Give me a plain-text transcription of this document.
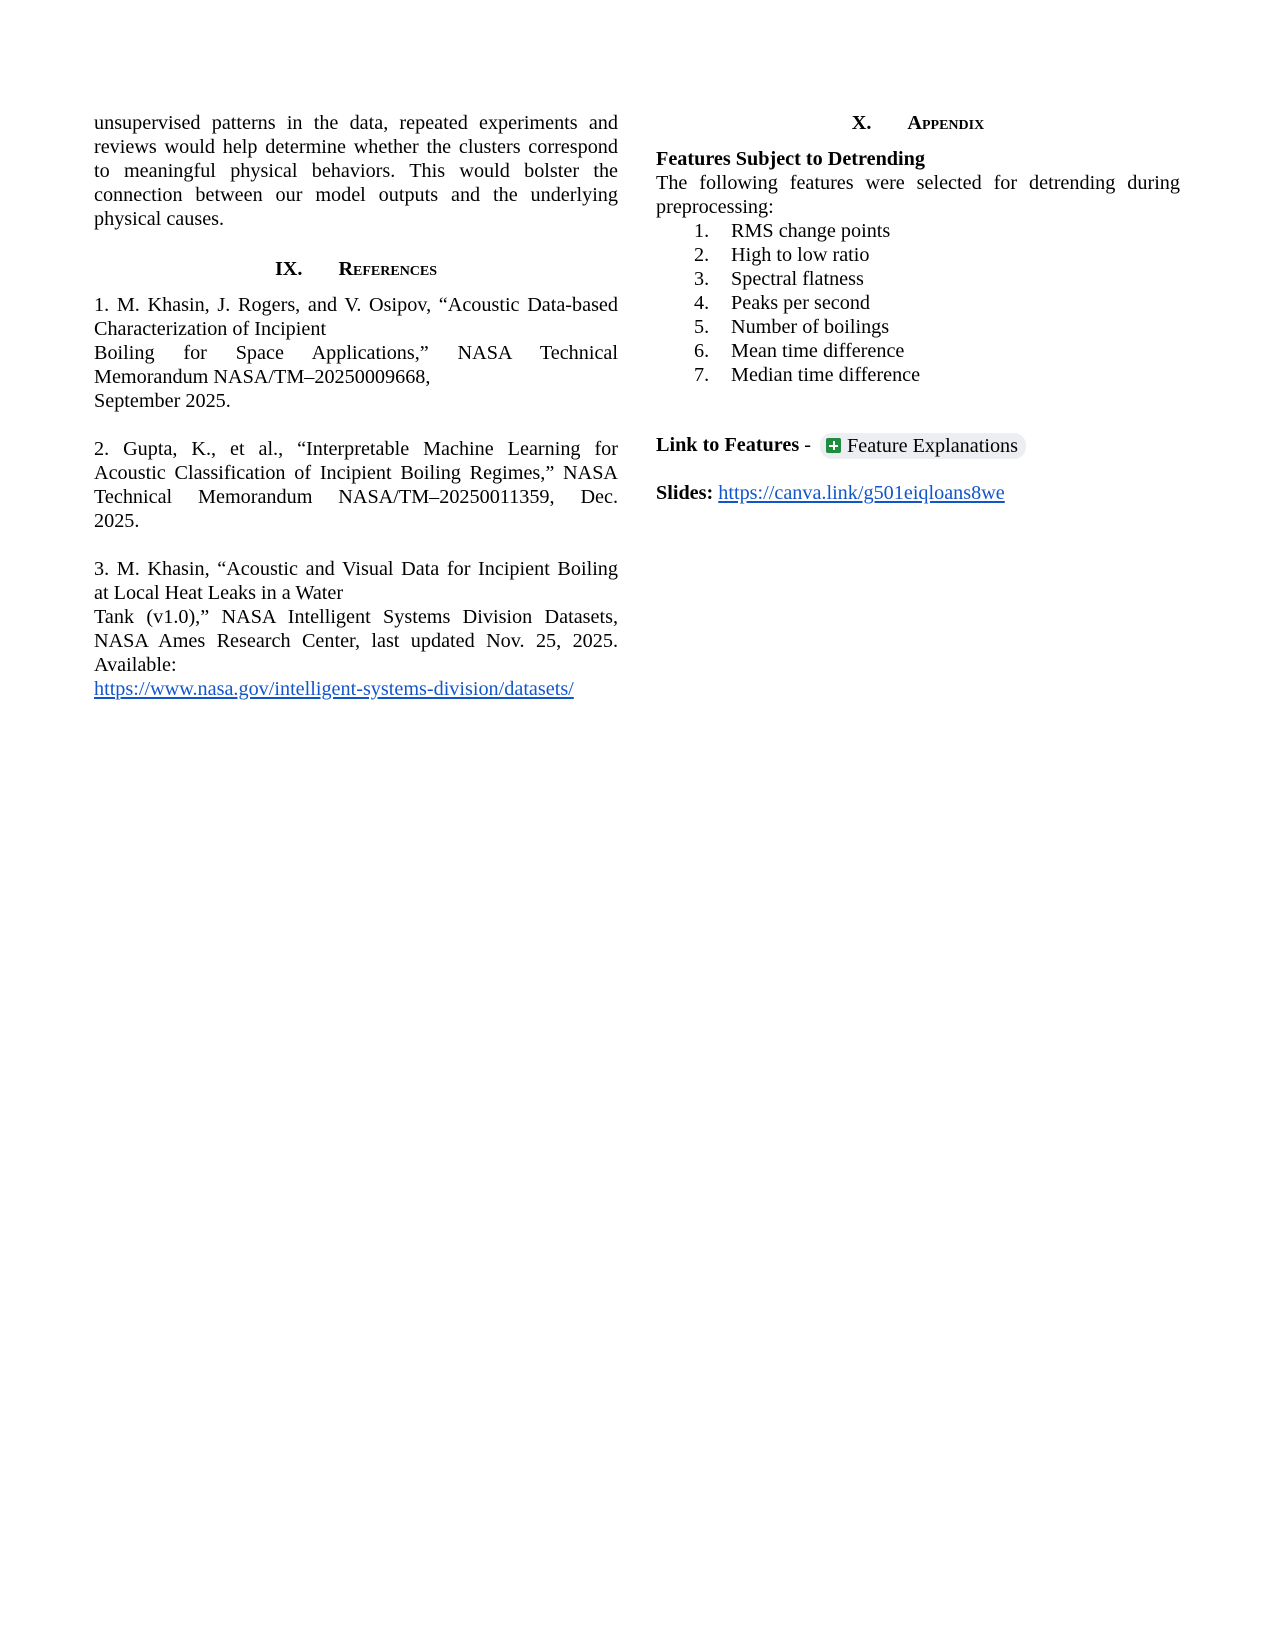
unsupervised patterns in the data, repeated experiments and
reviews would help determine whether the clusters correspond
to meaningful physical behaviors. This would bolster the
connection between our model outputs and the underlying
physical causes.
IX. References
1. M. Khasin, J. Rogers, and V. Osipov, “Acoustic Data-based
Characterization of Incipient
Boiling for Space Applications,” NASA Technical
Memorandum NASA/TM–20250009668,
September 2025.
2. Gupta, K., et al., “Interpretable Machine Learning for
Acoustic Classification of Incipient Boiling Regimes,” NASA
Technical Memorandum NASA/TM–20250011359, Dec.
2025.
3. M. Khasin, “Acoustic and Visual Data for Incipient Boiling
at Local Heat Leaks in a Water
Tank (v1.0),” NASA Intelligent Systems Division Datasets,
NASA Ames Research Center, last updated Nov. 25, 2025.
Available:
https://www.nasa.gov/intelligent-systems-division/datasets/
X. Appendix
Features Subject to Detrending
The following features were selected for detrending during
preprocessing:
1.	RMS change points
2.	High to low ratio
3.	Spectral flatness
4.	Peaks per second
5.	Number of boilings
6.	Mean time difference
7.	Median time difference
Link to Features - Feature Explanations
Slides: https://canva.link/g501eiqloans8we
